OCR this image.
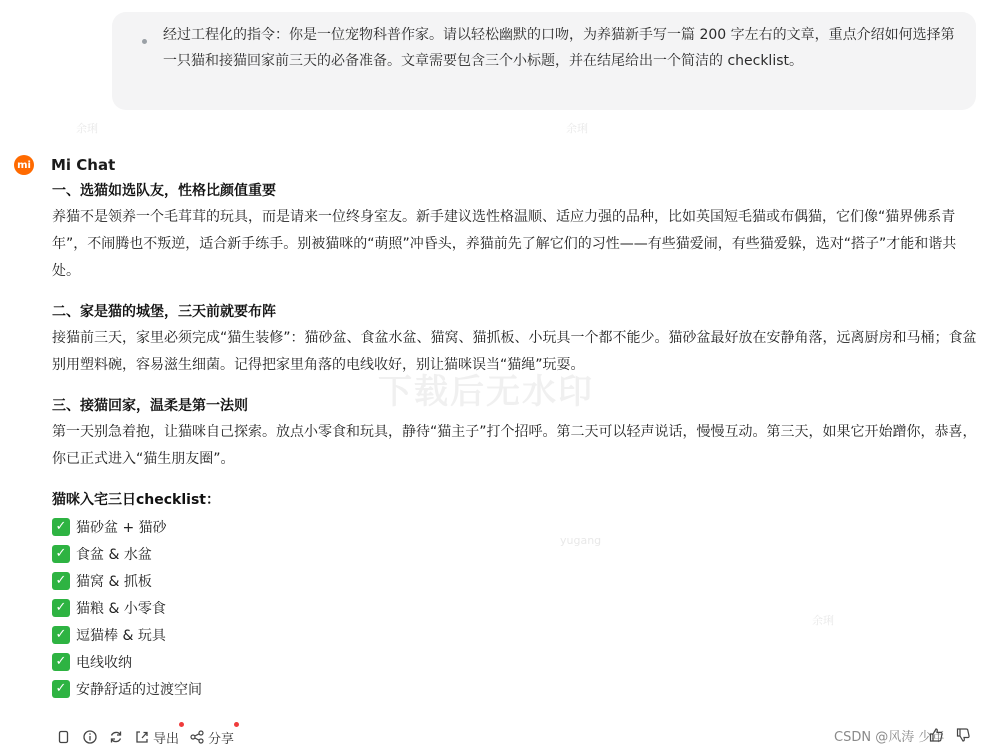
下载后无水印
余琍	余琍
yugang
余琍

经过工程化的指令：你是一位宠物科普作家。请以轻松幽默的口吻，为养猫新手写一篇 200 字左右的文章，重点介绍如何选择第一只猫和接猫回家前三天的必备准备。文章需要包含三个小标题，并在结尾给出一个简洁的 checklist。

mi Mi Chat
一、选猫如选队友，性格比颜值重要

养猫不是领养一个毛茸茸的玩具，而是请来一位终身室友。新手建议选性格温顺、适应力强的品种，比如英国短毛猫或布偶猫，它们像“猫界佛系青年”，不闹腾也不叛逆，适合新手练手。别被猫咪的“萌照”冲昏头，养猫前先了解它们的习性——有些猫爱闹，有些猫爱躲，选对“搭子”才能和谐共处。

二、家是猫的城堡，三天前就要布阵

接猫前三天，家里必须完成“猫生装修”：猫砂盆、食盆水盆、猫窝、猫抓板、小玩具一个都不能少。猫砂盆最好放在安静角落，远离厨房和马桶；食盆别用塑料碗，容易滋生细菌。记得把家里角落的电线收好，别让猫咪误当“猫绳”玩耍。

三、接猫回家，温柔是第一法则

第一天别急着抱，让猫咪自己探索。放点小零食和玩具，静待“猫主子”打个招呼。第二天可以轻声说话，慢慢互动。第三天，如果它开始蹭你，恭喜，你已正式进入“猫生朋友圈”。

猫咪入宅三日checklist：
✓ 猫砂盆 + 猫砂
✓ 食盆 & 水盆
✓ 猫窝 & 抓板
✓ 猫粮 & 小零食
✓ 逗猫棒 & 玩具
✓ 电线收纳
✓ 安静舒适的过渡空间
导出 分享	CSDN @风涛 少年
